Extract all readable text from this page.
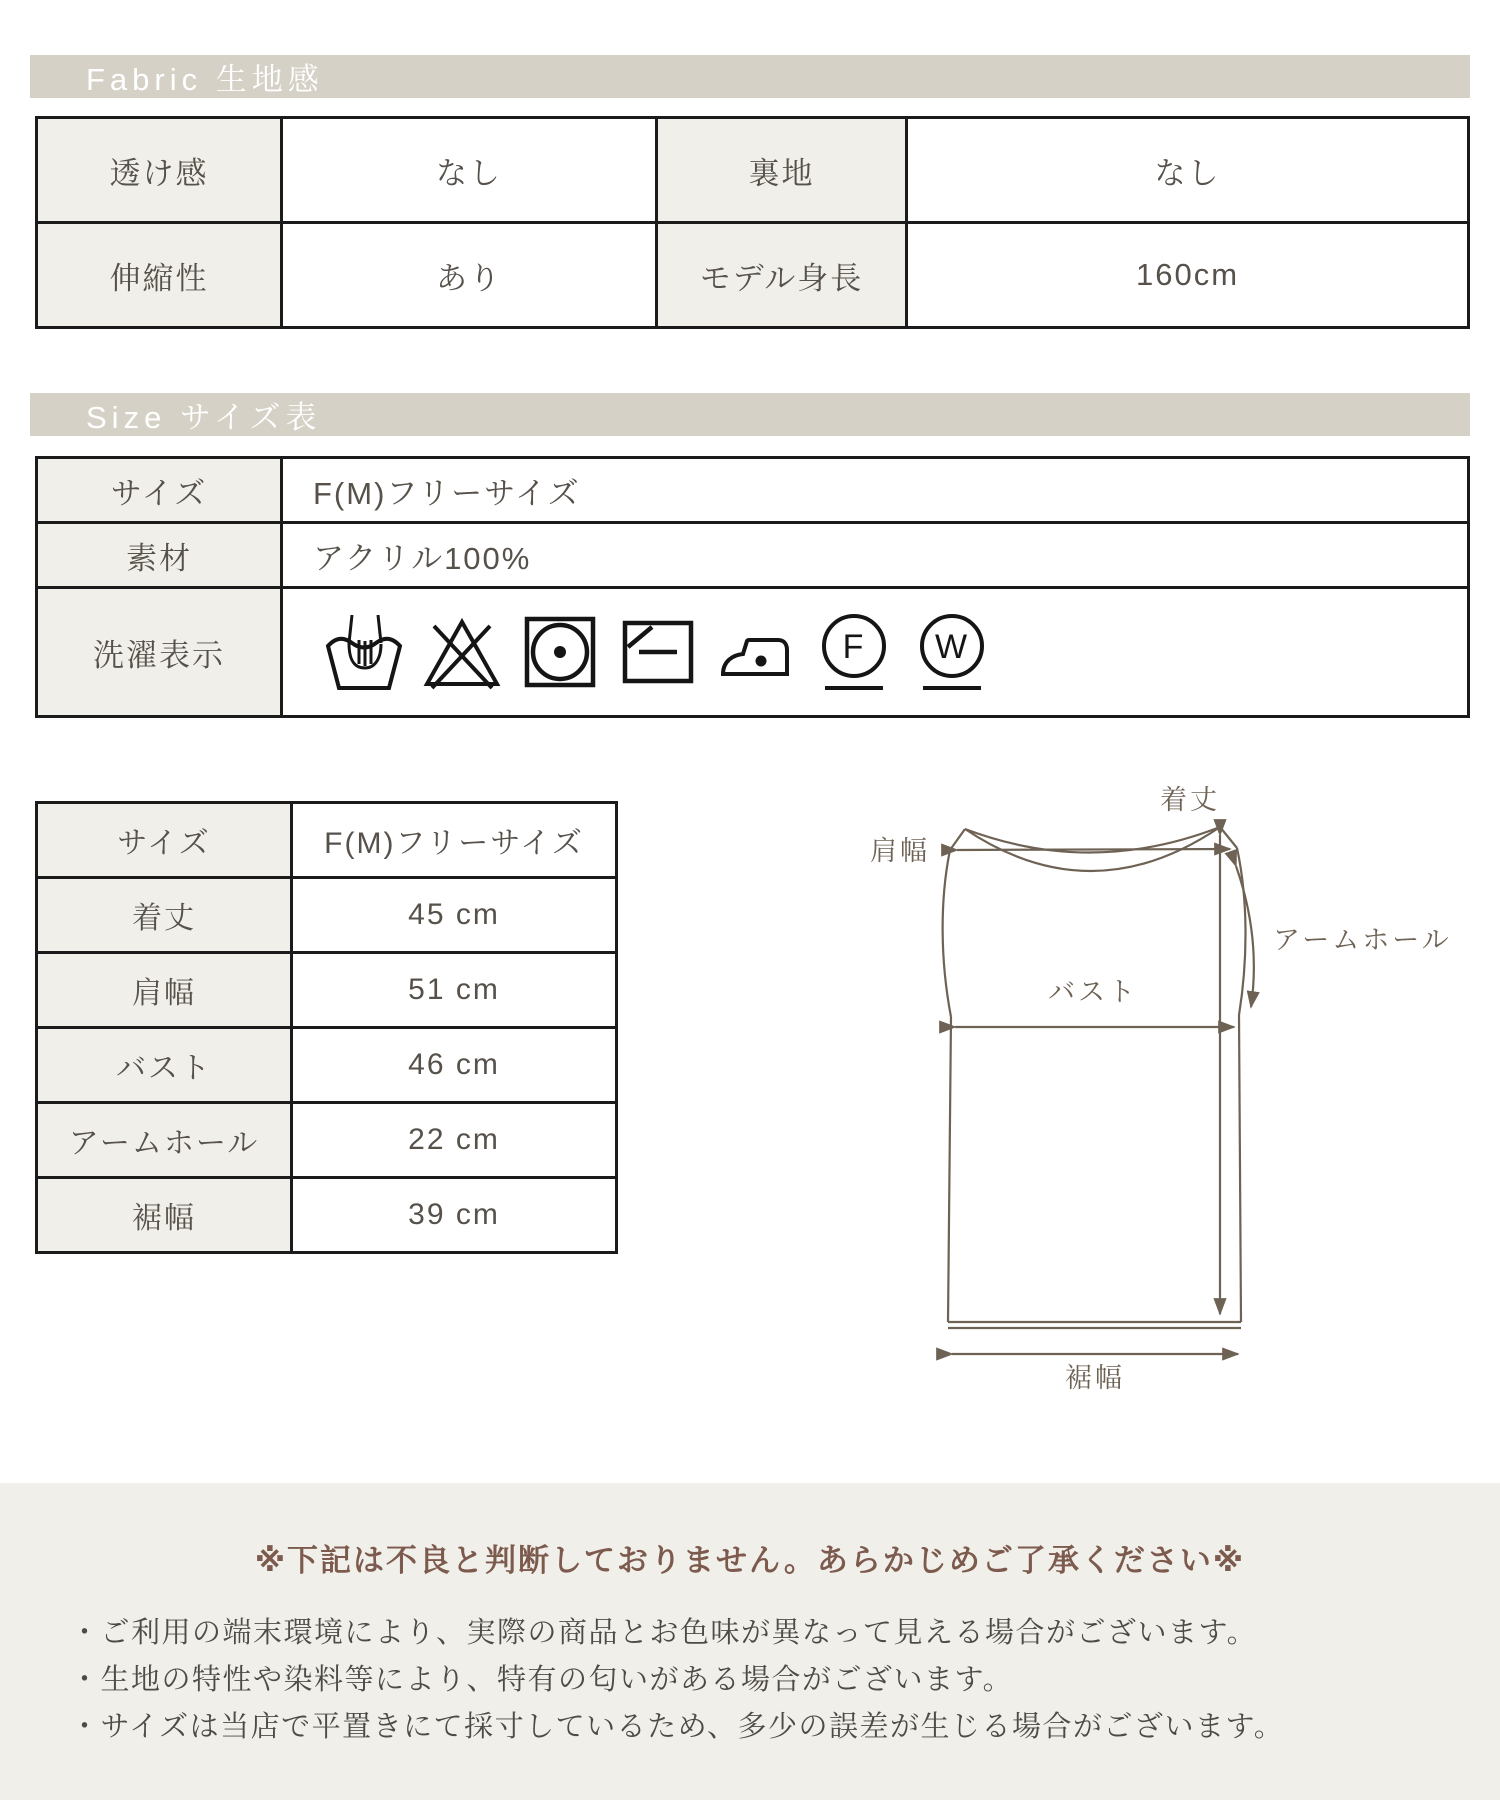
Fabric 生地感
透け感	なし	裏地	なし
伸縮性	あり	モデル身長	160cm
Size サイズ表
サイズ	F(M)フリーサイズ
素材	アクリル100%
洗濯表示	F W
サイズ	F(M)フリーサイズ
着丈	45 cm
肩幅	51 cm
バスト	46 cm
アームホール	22 cm
裾幅	39 cm
着丈
肩幅
アームホール
バスト
裾幅
※下記は不良と判断しておりません。あらかじめご了承ください※
・ご利用の端末環境により、実際の商品とお色味が異なって見える場合がございます。
・生地の特性や染料等により、特有の匂いがある場合がございます。
・サイズは当店で平置きにて採寸しているため、多少の誤差が生じる場合がございます。
